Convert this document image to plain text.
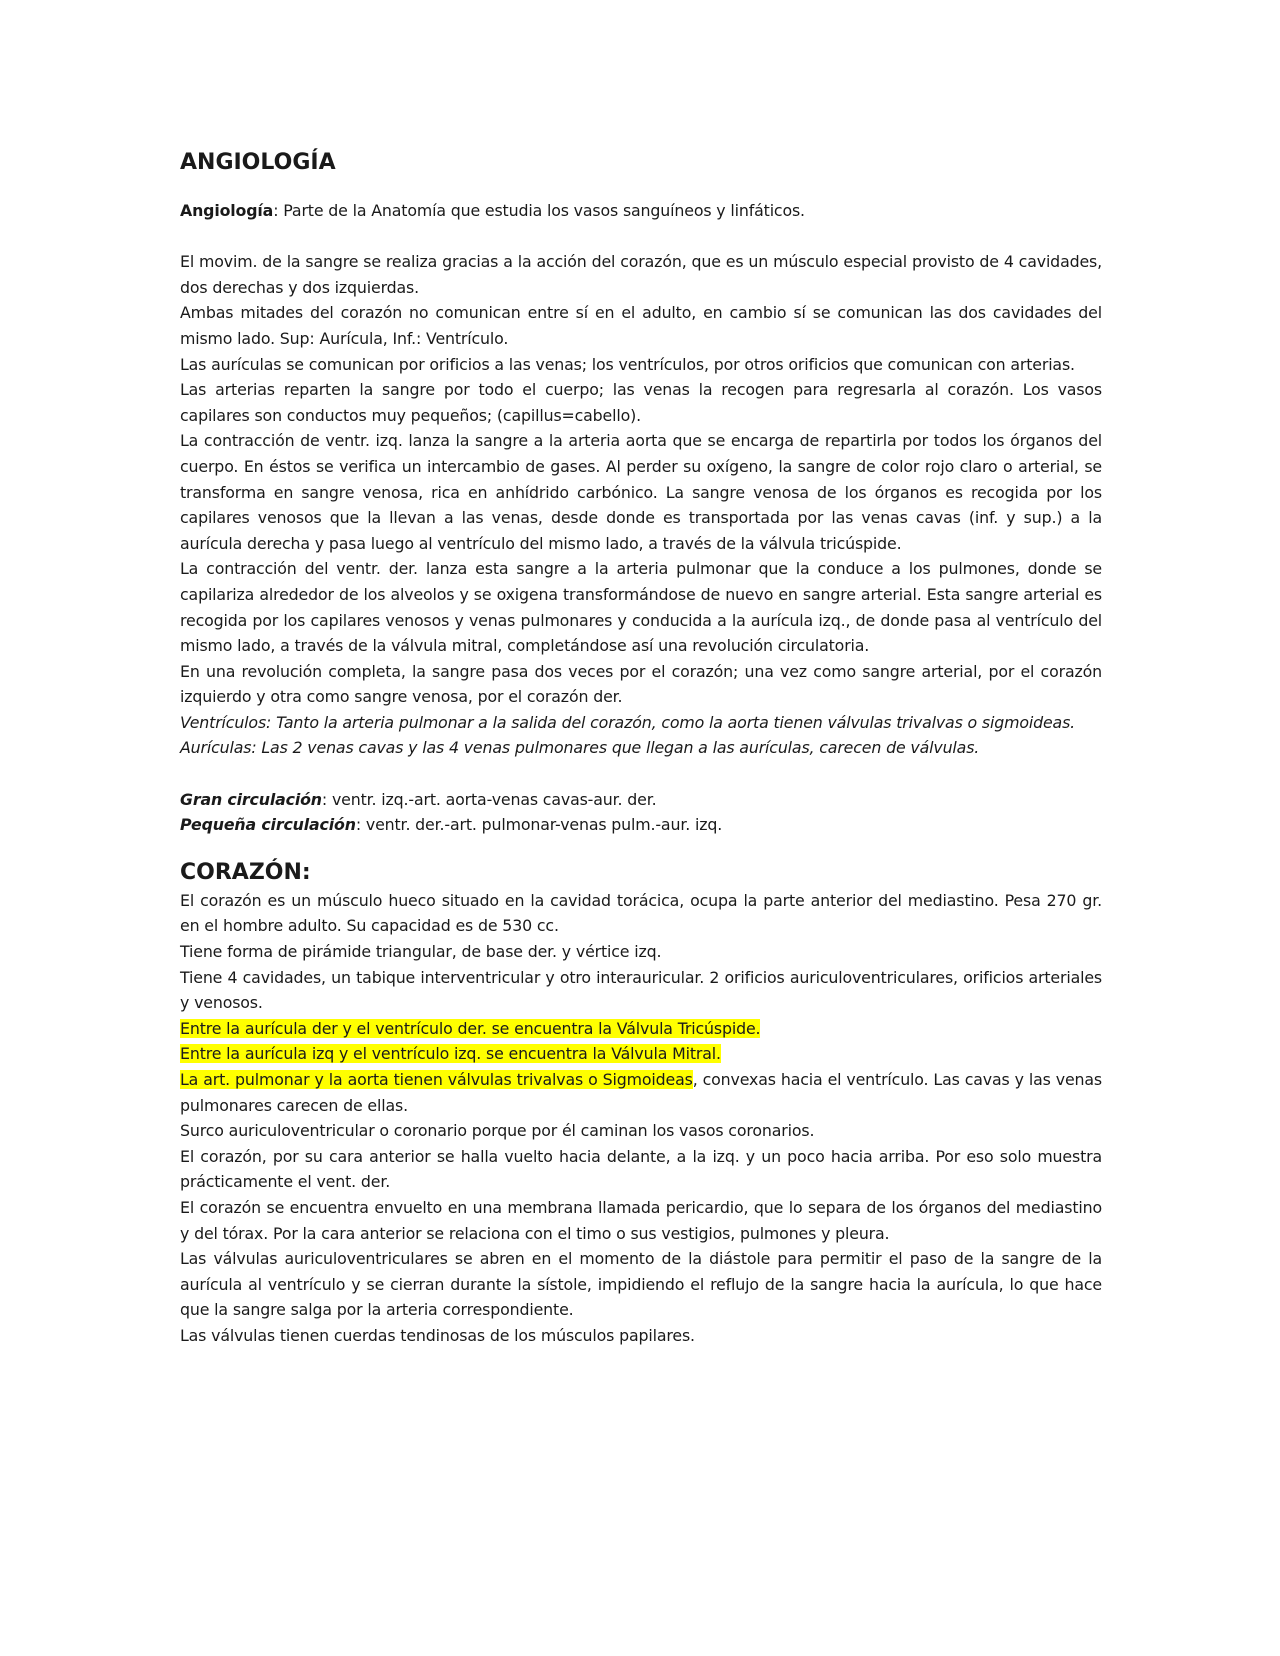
ANGIOLOGÍA

Angiología: Parte de la Anatomía que estudia los vasos sanguíneos y linfáticos.

El movim. de la sangre se realiza gracias a la acción del corazón, que es un músculo especial provisto de 4 cavidades, dos derechas y dos izquierdas.

Ambas mitades del corazón no comunican entre sí en el adulto, en cambio sí se comunican las dos cavidades del mismo lado. Sup: Aurícula, Inf.: Ventrículo.

Las aurículas se comunican por orificios a las venas; los ventrículos, por otros orificios que comunican con arterias.

Las arterias reparten la sangre por todo el cuerpo; las venas la recogen para regresarla al corazón. Los vasos capilares son conductos muy pequeños; (capillus=cabello).

La contracción de ventr. izq. lanza la sangre a la arteria aorta que se encarga de repartirla por todos los órganos del cuerpo. En éstos se verifica un intercambio de gases. Al perder su oxígeno, la sangre de color rojo claro o arterial, se transforma en sangre venosa, rica en anhídrido carbónico. La sangre venosa de los órganos es recogida por los capilares venosos que la llevan a las venas, desde donde es transportada por las venas cavas (inf. y sup.) a la aurícula derecha y pasa luego al ventrículo del mismo lado, a través de la válvula tricúspide.

La contracción del ventr. der. lanza esta sangre a la arteria pulmonar que la conduce a los pulmones, donde se capilariza alrededor de los alveolos y se oxigena transformándose de nuevo en sangre arterial. Esta sangre arterial es recogida por los capilares venosos y venas pulmonares y conducida a la aurícula izq., de donde pasa al ventrículo del mismo lado, a través de la válvula mitral, completándose así una revolución circulatoria.

En una revolución completa, la sangre pasa dos veces por el corazón; una vez como sangre arterial, por el corazón izquierdo y otra como sangre venosa, por el corazón der.

Ventrículos: Tanto la arteria pulmonar a la salida del corazón, como la aorta tienen válvulas trivalvas o sigmoideas.

Aurículas: Las 2 venas cavas y las 4 venas pulmonares que llegan a las aurículas, carecen de válvulas.

Gran circulación: ventr. izq.-art. aorta-venas cavas-aur. der.

Pequeña circulación: ventr. der.-art. pulmonar-venas pulm.-aur. izq.

CORAZÓN:

El corazón es un músculo hueco situado en la cavidad torácica, ocupa la parte anterior del mediastino. Pesa 270 gr. en el hombre adulto. Su capacidad es de 530 cc.

Tiene forma de pirámide triangular, de base der. y vértice izq.

Tiene 4 cavidades, un tabique interventricular y otro interauricular. 2 orificios auriculoventriculares, orificios arteriales y venosos.

Entre la aurícula der y el ventrículo der. se encuentra la Válvula Tricúspide.

Entre la aurícula izq y el ventrículo izq. se encuentra la Válvula Mitral.

La art. pulmonar y la aorta tienen válvulas trivalvas o Sigmoideas, convexas hacia el ventrículo. Las cavas y las venas pulmonares carecen de ellas.

Surco auriculoventricular o coronario porque por él caminan los vasos coronarios.

El corazón, por su cara anterior se halla vuelto hacia delante, a la izq. y un poco hacia arriba. Por eso solo muestra prácticamente el vent. der.

El corazón se encuentra envuelto en una membrana llamada pericardio, que lo separa de los órganos del mediastino y del tórax. Por la cara anterior se relaciona con el timo o sus vestigios, pulmones y pleura.

Las válvulas auriculoventriculares se abren en el momento de la diástole para permitir el paso de la sangre de la aurícula al ventrículo y se cierran durante la sístole, impidiendo el reflujo de la sangre hacia la aurícula, lo que hace que la sangre salga por la arteria correspondiente.

Las válvulas tienen cuerdas tendinosas de los músculos papilares.
